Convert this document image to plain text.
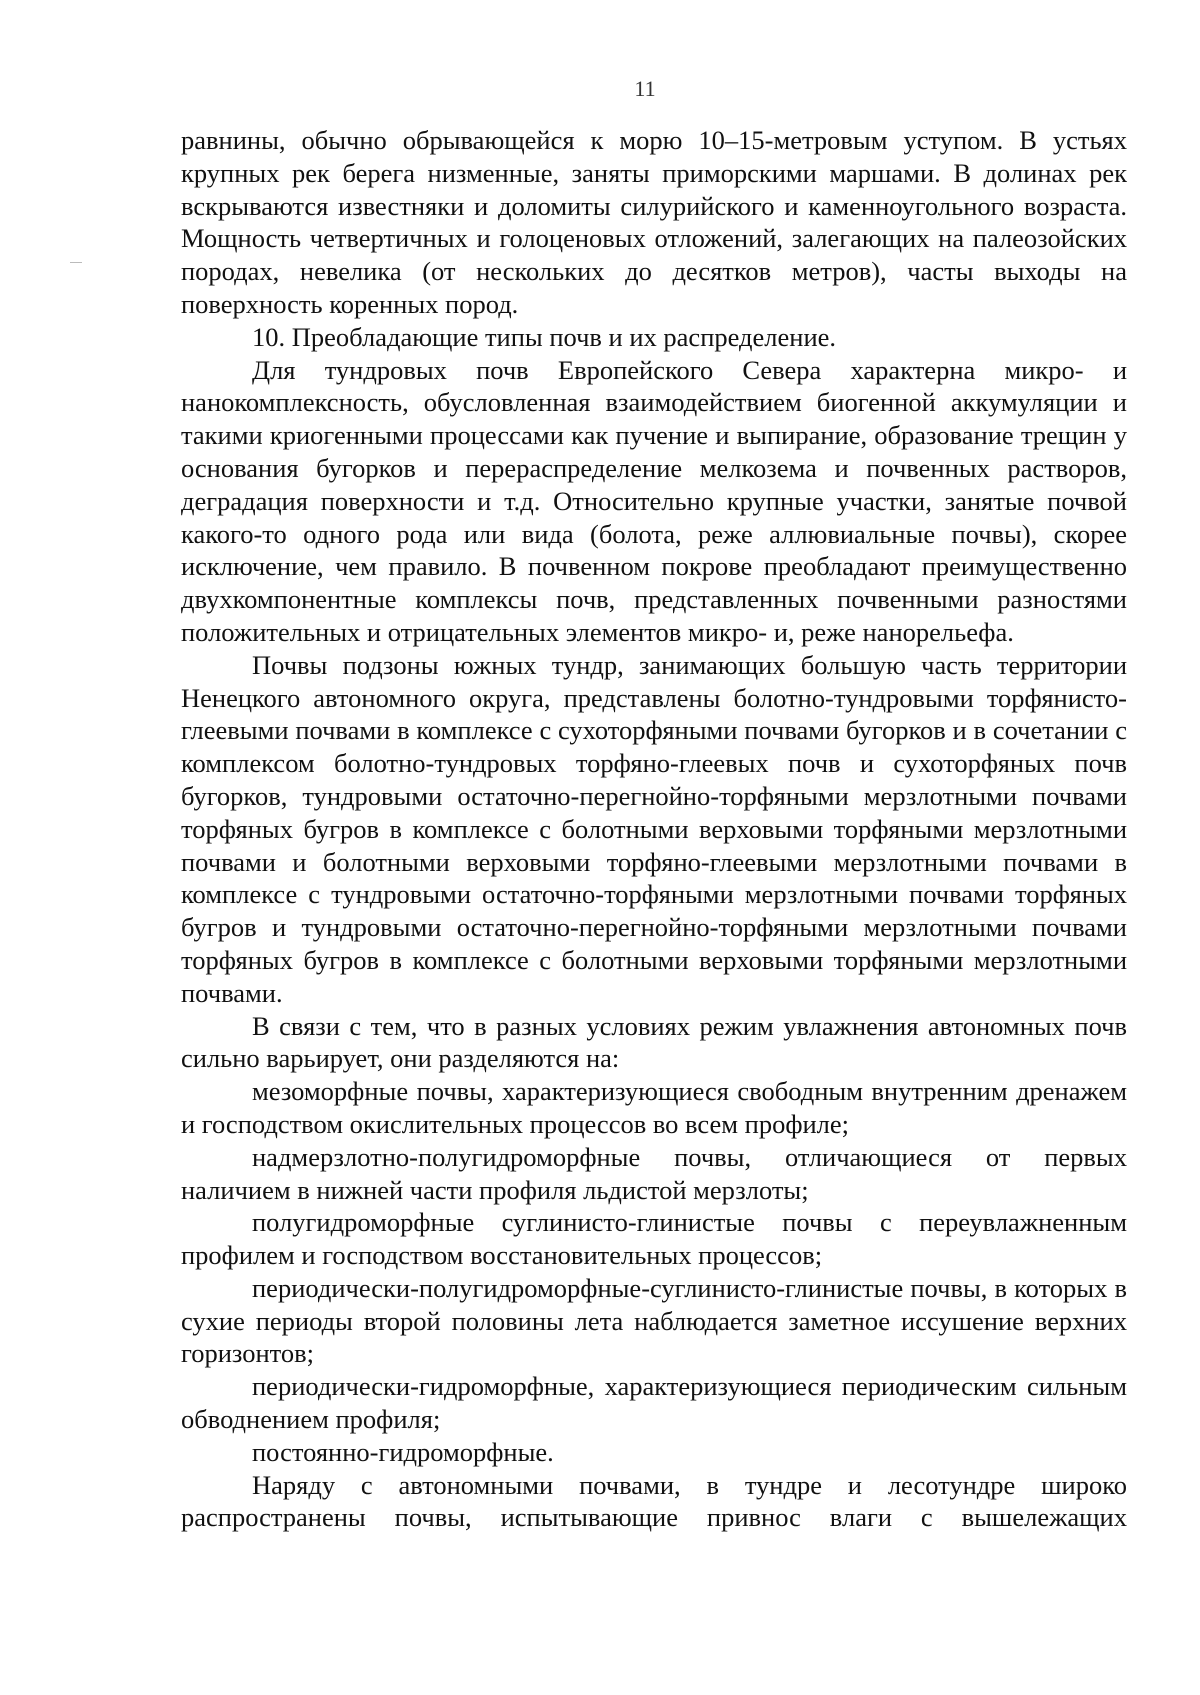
11

равнины, обычно обрывающейся к морю 10–15-метровым уступом. В устьях крупных рек берега низменные, заняты приморскими маршами. В долинах рек вскрываются известняки и доломиты силурийского и каменноугольного возраста. Мощность четвертичных и голоценовых отложений, залегающих на палеозойских породах, невелика (от нескольких до десятков метров), часты выходы на поверхность коренных пород.

10. Преобладающие типы почв и их распределение.

Для тундровых почв Европейского Севера характерна микро- и нанокомплексность, обусловленная взаимодействием биогенной аккумуляции и такими криогенными процессами как пучение и выпирание, образование трещин у основания бугорков и перераспределение мелкозема и почвенных растворов, деградация поверхности и т.д. Относительно крупные участки, занятые почвой какого-то одного рода или вида (болота, реже аллювиальные почвы), скорее исключение, чем правило. В почвенном покрове преобладают преимущественно двухкомпонентные комплексы почв, представленных почвенными разностями положительных и отрицательных элементов микро- и, реже нанорельефа.

Почвы подзоны южных тундр, занимающих большую часть территории Ненецкого автономного округа, представлены болотно-тундровыми торфянисто-глеевыми почвами в комплексе с сухоторфяными почвами бугорков и в сочетании с комплексом болотно-тундровых торфяно-глеевых почв и сухоторфяных почв бугорков, тундровыми остаточно-перегнойно-торфяными мерзлотными почвами торфяных бугров в комплексе с болотными верховыми торфяными мерзлотными почвами и болотными верховыми торфяно-глеевыми мерзлотными почвами в комплексе с тундровыми остаточно-торфяными мерзлотными почвами торфяных бугров и тундровыми остаточно-перегнойно-торфяными мерзлотными почвами торфяных бугров в комплексе с болотными верховыми торфяными мерзлотными почвами.

В связи с тем, что в разных условиях режим увлажнения автономных почв сильно варьирует, они разделяются на:

мезоморфные почвы, характеризующиеся свободным внутренним дренажем и господством окислительных процессов во всем профиле;

надмерзлотно-полугидроморфные почвы, отличающиеся от первых наличием в нижней части профиля льдистой мерзлоты;

полугидроморфные суглинисто-глинистые почвы с переувлажненным профилем и господством восстановительных процессов;

периодически-полугидроморфные-суглинисто-глинистые почвы, в которых в сухие периоды второй половины лета наблюдается заметное иссушение верхних горизонтов;

периодически-гидроморфные, характеризующиеся периодическим сильным обводнением профиля;

постоянно-гидроморфные.

Наряду с автономными почвами, в тундре и лесотундре широко распространены почвы, испытывающие привнос влаги с вышележащих
